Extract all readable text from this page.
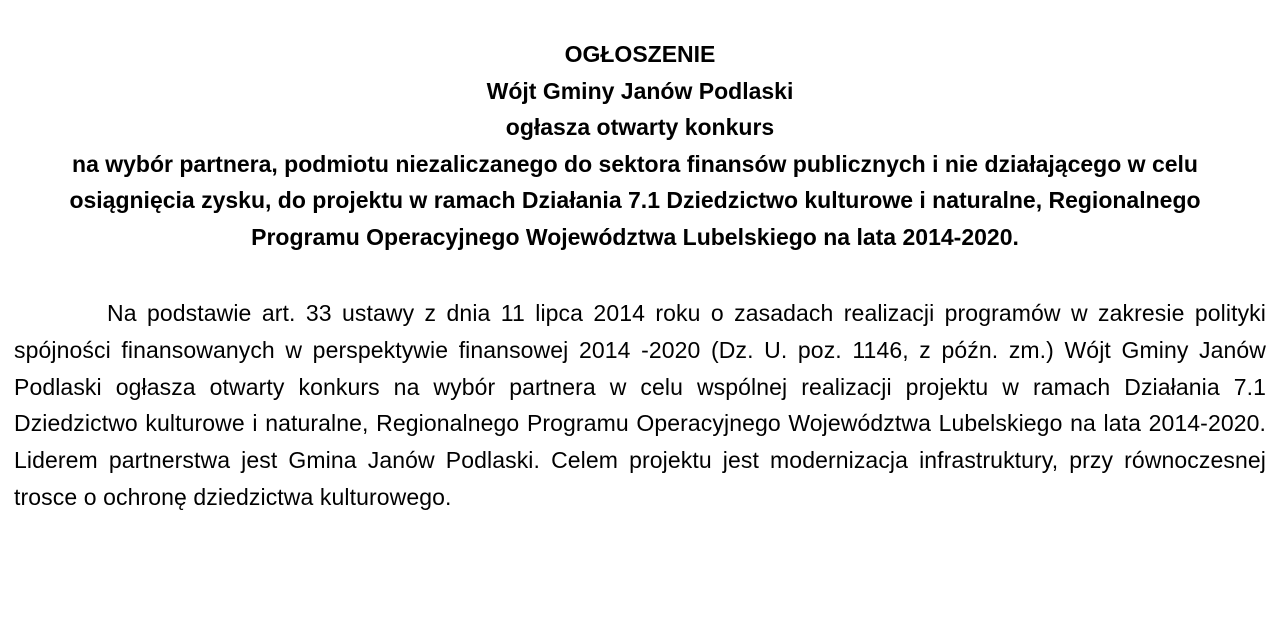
OGŁOSZENIE

Wójt Gminy Janów Podlaski

ogłasza otwarty konkurs

na wybór partnera, podmiotu niezaliczanego do sektora finansów publicznych i nie działającego w celu osiągnięcia zysku, do projektu w ramach Działania 7.1 Dziedzictwo kulturowe i naturalne, Regionalnego Programu Operacyjnego Województwa Lubelskiego na lata 2014-2020.

Na podstawie art. 33 ustawy z dnia 11 lipca 2014 roku o zasadach realizacji programów w zakresie polityki spójności finansowanych w perspektywie finansowej 2014 -2020 (Dz. U. poz. 1146, z późn. zm.) Wójt Gminy Janów Podlaski ogłasza otwarty konkurs na wybór partnera w celu wspólnej realizacji projektu w ramach Działania 7.1 Dziedzictwo kulturowe i naturalne, Regionalnego Programu Operacyjnego Województwa Lubelskiego na lata 2014-2020. Liderem partnerstwa jest Gmina Janów Podlaski. Celem projektu jest modernizacja infrastruktury, przy równoczesnej trosce o ochronę dziedzictwa kulturowego.
